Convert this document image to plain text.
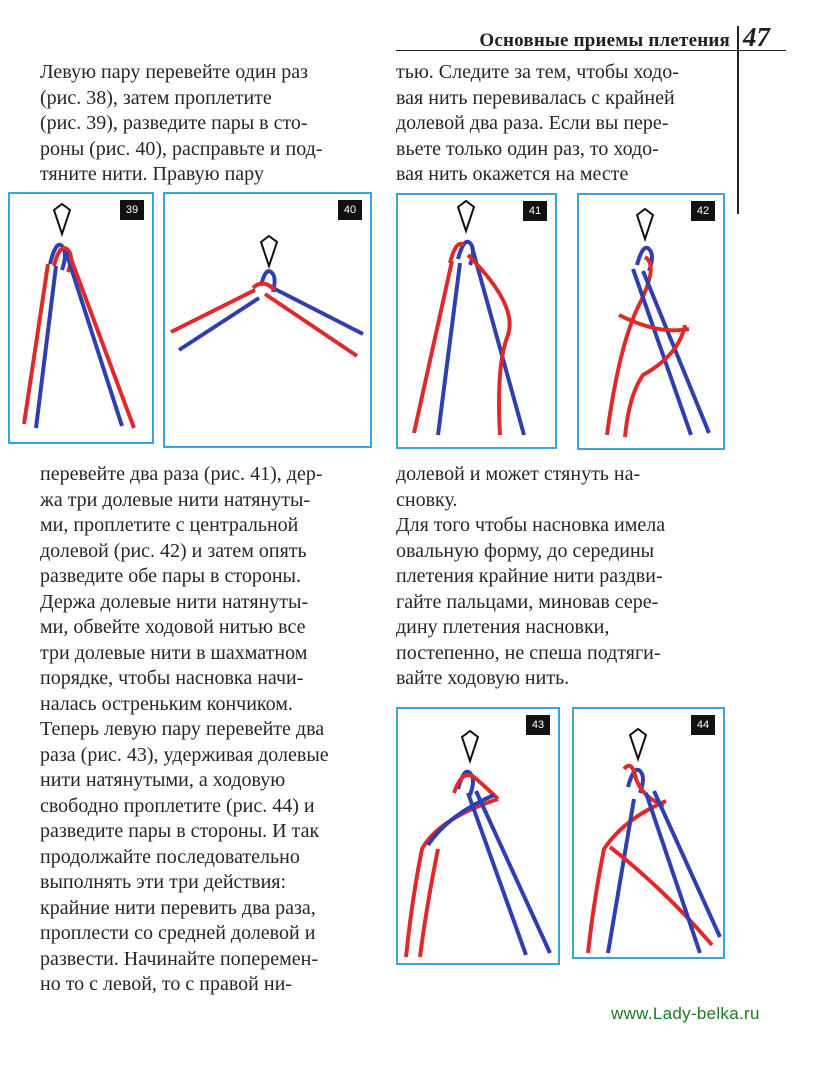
Основные приемы плетения 47

Левую пару перевейте один раз
(рис. 38), затем проплетите
(рис. 39), разведите пары в сто-
роны (рис. 40), расправьте и под-
тяните нити. Правую пару

тью. Следите за тем, чтобы ходо-
вая нить перевивалась с крайней
долевой два раза. Если вы пере-
вьете только один раз, то ходо-
вая нить окажется на месте

39	40	41	42

перевейте два раза (рис. 41), дер-
жа три долевые нити натянуты-
ми, проплетите с центральной
долевой (рис. 42) и затем опять
разведите обе пары в стороны.
Держа долевые нити натянуты-
ми, обвейте ходовой нитью все
три долевые нити в шахматном
порядке, чтобы насновка начи-
налась остреньким кончиком.
Теперь левую пару перевейте два
раза (рис. 43), удерживая долевые
нити натянутыми, а ходовую
свободно проплетите (рис. 44) и
разведите пары в стороны. И так
продолжайте последовательно
выполнять эти три действия:
крайние нити перевить два раза,
проплести со средней долевой и
развести. Начинайте поперемен-
но то с левой, то с правой ни-

долевой и может стянуть на-
сновку.
Для того чтобы насновка имела
овальную форму, до середины
плетения крайние нити раздви-
гайте пальцами, миновав сере-
дину плетения насновки,
постепенно, не спеша подтяги-
вайте ходовую нить.

43	44
www.Lady-belka.ru
